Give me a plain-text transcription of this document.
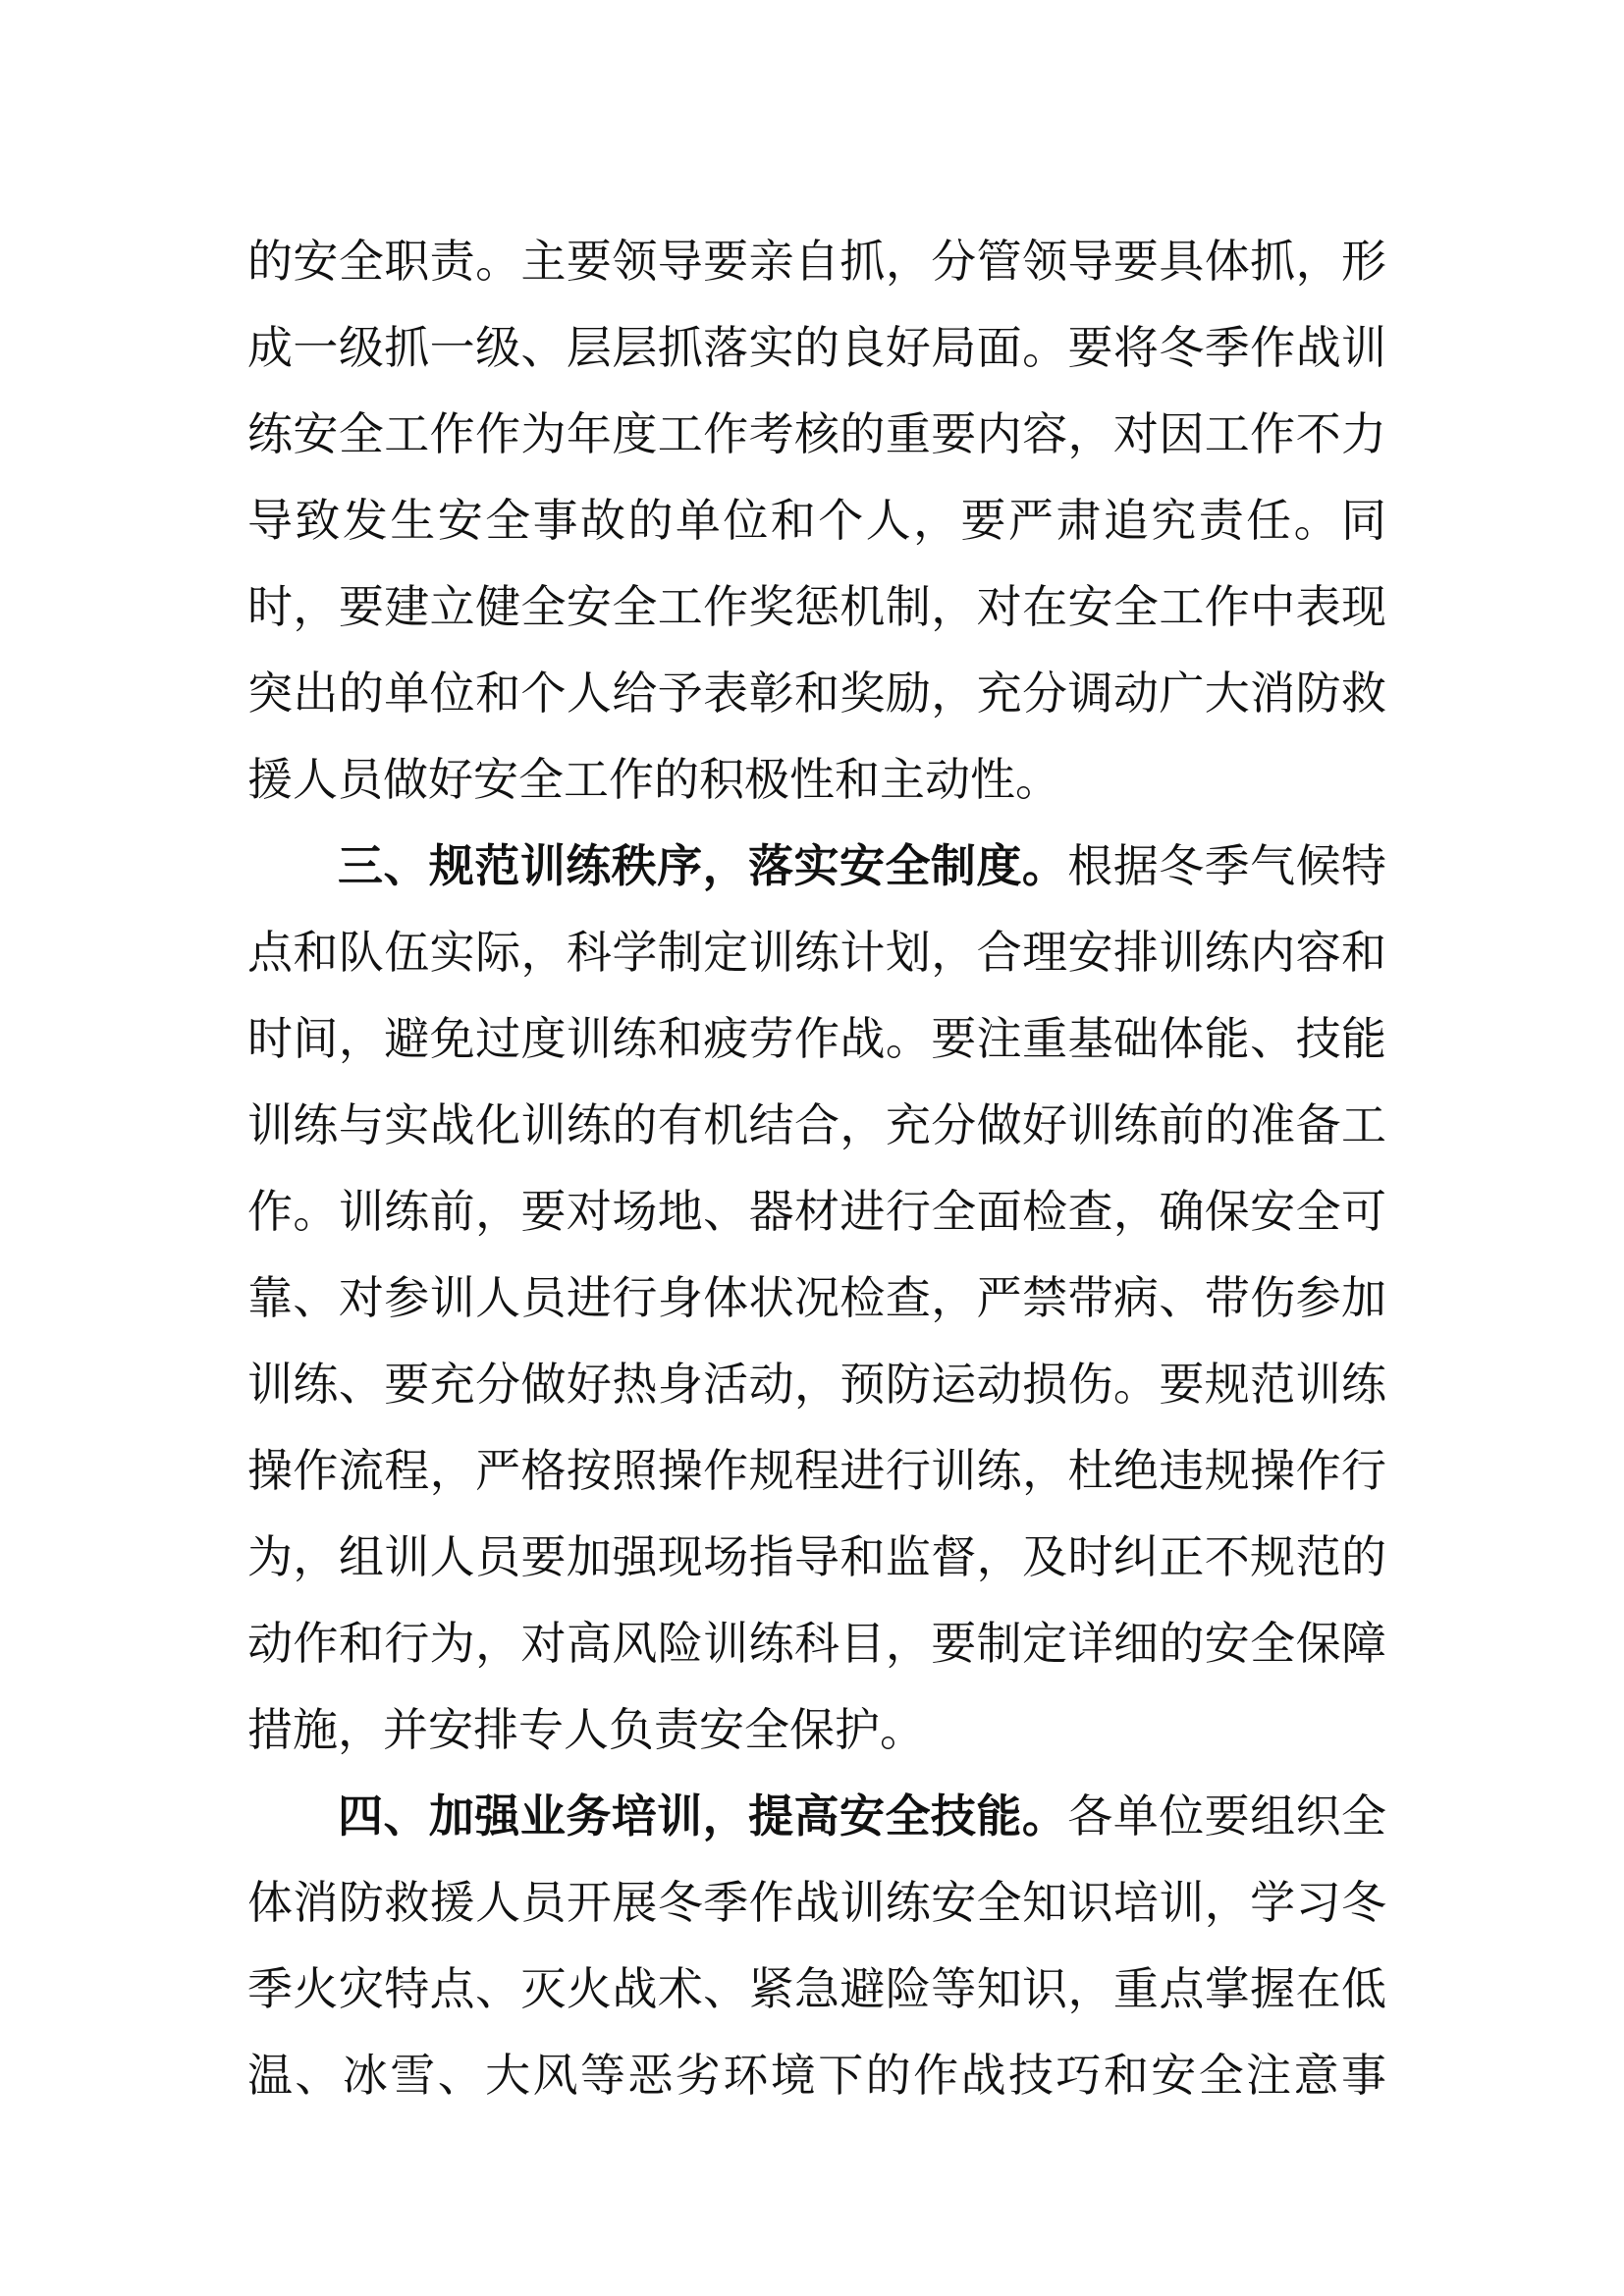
的安全职责。主要领导要亲自抓，分管领导要具体抓，形
成一级抓一级、层层抓落实的良好局面。要将冬季作战训
练安全工作作为年度工作考核的重要内容，对因工作不力
导致发生安全事故的单位和个人，要严肃追究责任。同
时，要建立健全安全工作奖惩机制，对在安全工作中表现
突出的单位和个人给予表彰和奖励，充分调动广大消防救
援人员做好安全工作的积极性和主动性。
三、规范训练秩序，落实安全制度。根据冬季气候特
点和队伍实际，科学制定训练计划，合理安排训练内容和
时间，避免过度训练和疲劳作战。要注重基础体能、技能
训练与实战化训练的有机结合，充分做好训练前的准备工
作。训练前，要对场地、器材进行全面检查，确保安全可
靠、对参训人员进行身体状况检查，严禁带病、带伤参加
训练、要充分做好热身活动，预防运动损伤。要规范训练
操作流程，严格按照操作规程进行训练，杜绝违规操作行
为，组训人员要加强现场指导和监督，及时纠正不规范的
动作和行为，对高风险训练科目，要制定详细的安全保障
措施，并安排专人负责安全保护。
四、加强业务培训，提高安全技能。各单位要组织全
体消防救援人员开展冬季作战训练安全知识培训，学习冬
季火灾特点、灭火战术、紧急避险等知识，重点掌握在低
温、冰雪、大风等恶劣环境下的作战技巧和安全注意事
